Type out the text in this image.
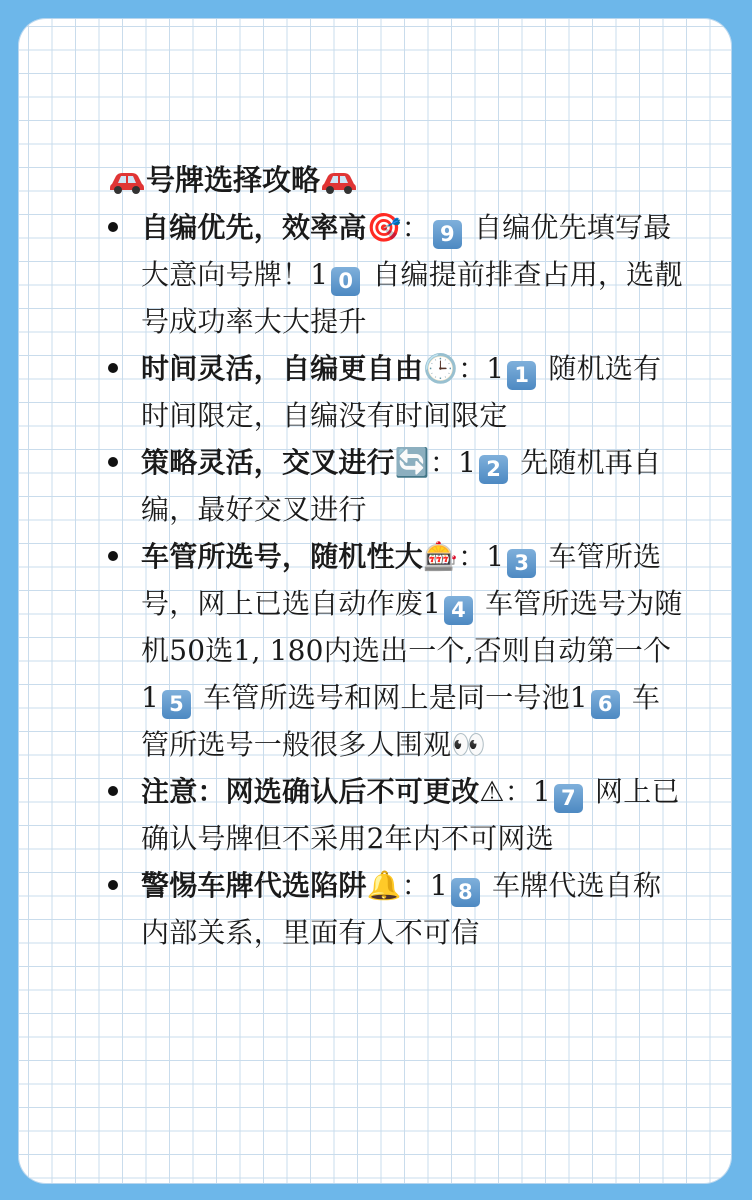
号牌选择攻略
自编优先，效率高🎯： 9 自编优先填写最大意向号牌！1 0 自编提前排查占用，选靓号成功率大大提升
时间灵活，自编更自由🕒：1 1 随机选有时间限定，自编没有时间限定
策略灵活，交叉进行🔄：1 2 先随机再自编，最好交叉进行
车管所选号，随机性大🎰：1 3 车管所选号，网上已选自动作废1 4 车管所选号为随机50选1, 180内选出一个,否则自动第一个1 5 车管所选号和网上是同一号池1 6 车管所选号一般很多人围观👀
注意：网选确认后不可更改⚠：1 7 网上已确认号牌但不采用2年内不可网选
警惕车牌代选陷阱🔔：1 8 车牌代选自称内部关系，里面有人不可信
